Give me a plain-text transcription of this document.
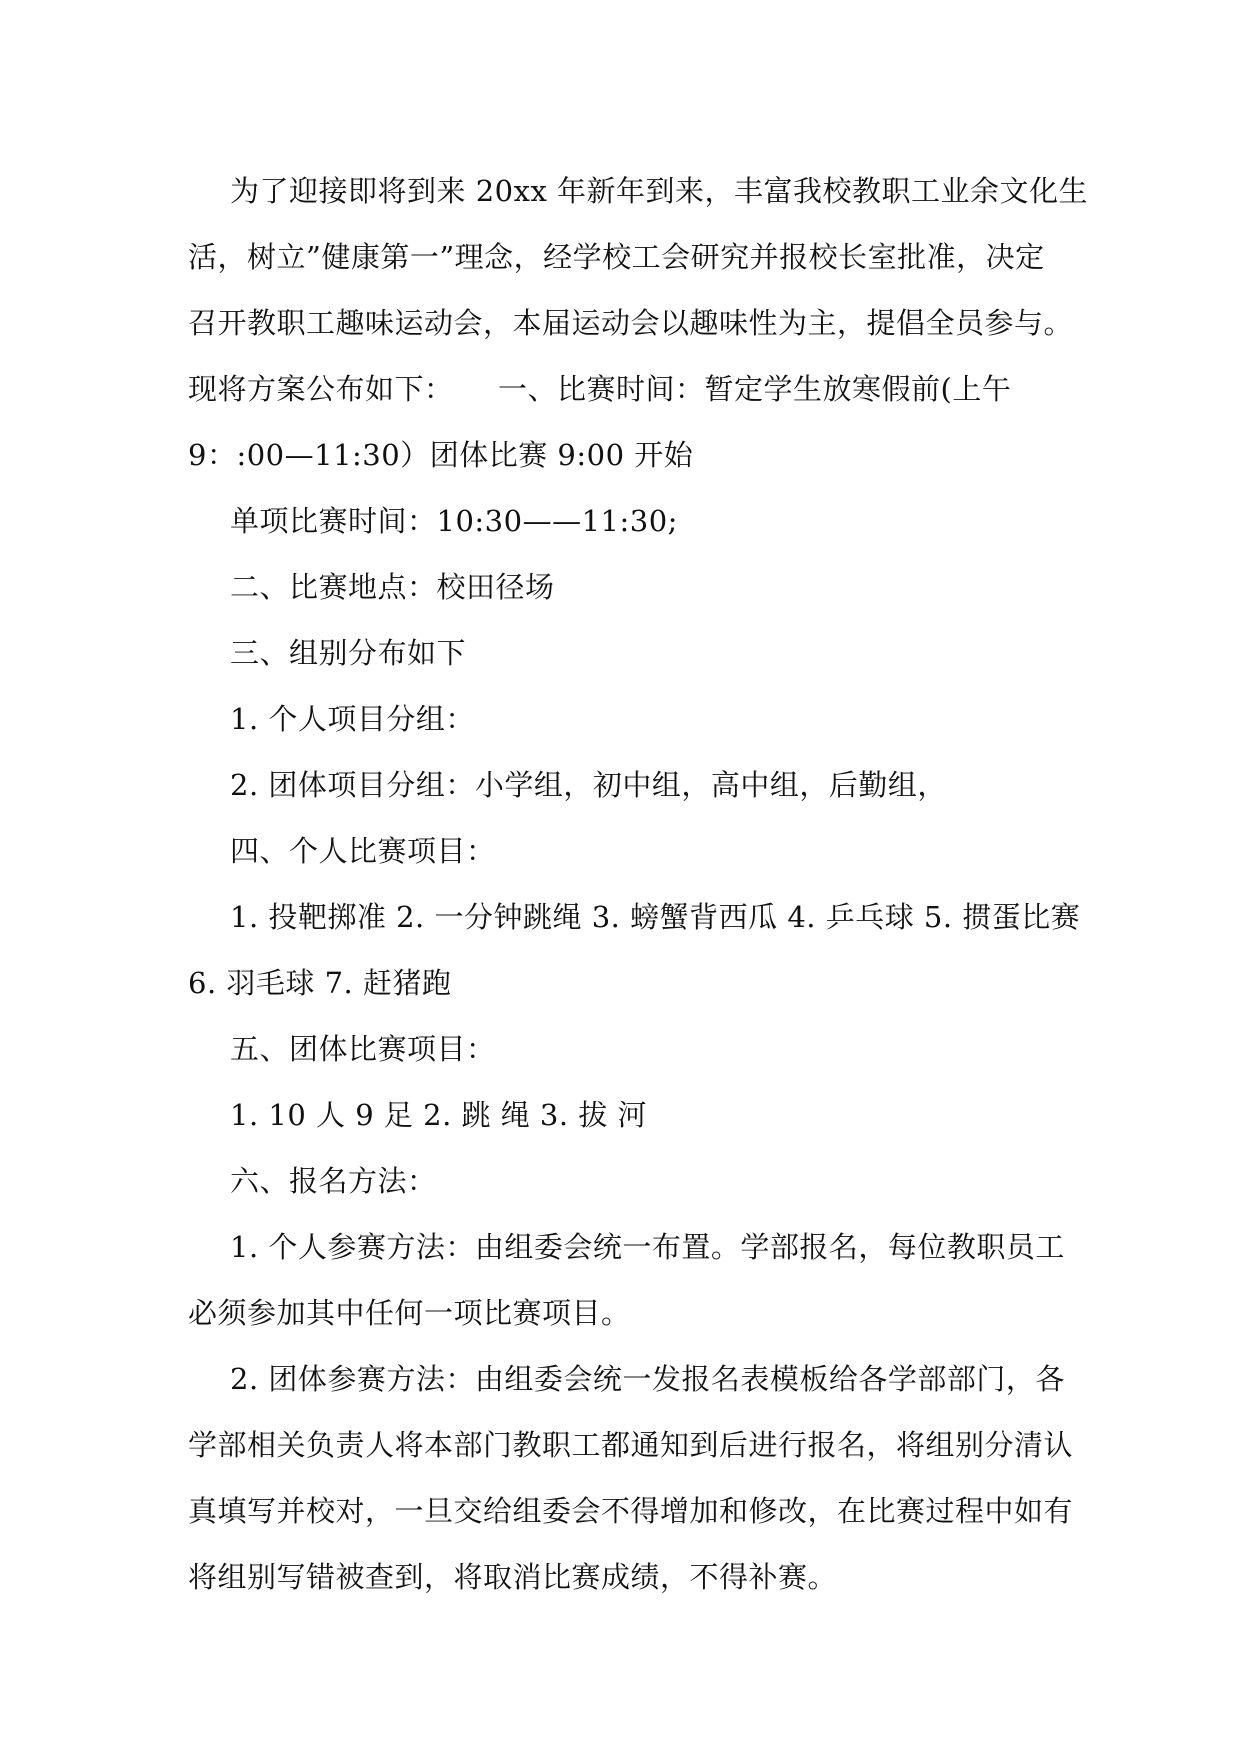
为了迎接即将到来 20xx 年新年到来，丰富我校教职工业余文化生
活，树立”健康第一”理念，经学校工会研究并报校长室批准，决定
召开教职工趣味运动会，本届运动会以趣味性为主，提倡全员参与。
现将方案公布如下：　　一、比赛时间：暂定学生放寒假前(上午
9：:00—11:30）团体比赛 9:00 开始
单项比赛时间：10:30——11:30;
二、比赛地点：校田径场
三、组别分布如下
1. 个人项目分组：
2. 团体项目分组：小学组，初中组，高中组，后勤组，
四、个人比赛项目：
1. 投靶掷准 2. 一分钟跳绳 3. 螃蟹背西瓜 4. 乒乓球 5. 掼蛋比赛
6. 羽毛球 7. 赶猪跑
五、团体比赛项目：
1. 10 人 9 足 2. 跳 绳 3. 拔 河
六、报名方法：
1. 个人参赛方法：由组委会统一布置。学部报名，每位教职员工
必须参加其中任何一项比赛项目。
2. 团体参赛方法：由组委会统一发报名表模板给各学部部门，各
学部相关负责人将本部门教职工都通知到后进行报名，将组别分清认
真填写并校对，一旦交给组委会不得增加和修改，在比赛过程中如有
将组别写错被查到，将取消比赛成绩，不得补赛。
